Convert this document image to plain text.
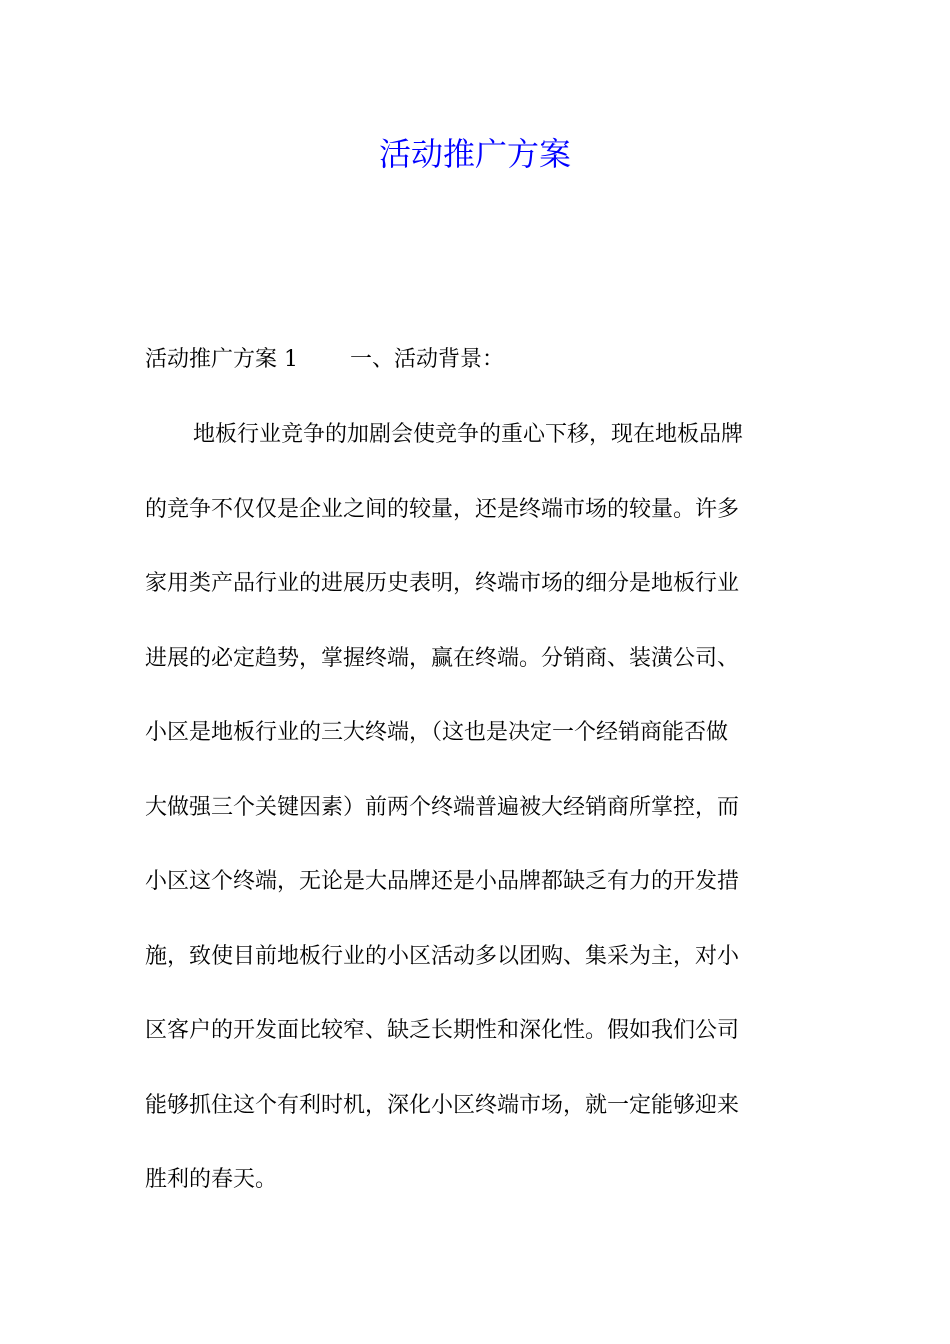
活动推广方案
活动推广方案 1 一、活动背景：
地板行业竞争的加剧会使竞争的重心下移，现在地板品牌
的竞争不仅仅是企业之间的较量，还是终端市场的较量。许多
家用类产品行业的进展历史表明，终端市场的细分是地板行业
进展的必定趋势，掌握终端，赢在终端。分销商、装潢公司、
小区是地板行业的三大终端，（这也是决定一个经销商能否做
大做强三个关键因素）前两个终端普遍被大经销商所掌控，而
小区这个终端，无论是大品牌还是小品牌都缺乏有力的开发措
施，致使目前地板行业的小区活动多以团购、集采为主，对小
区客户的开发面比较窄、缺乏长期性和深化性。假如我们公司
能够抓住这个有利时机，深化小区终端市场，就一定能够迎来
胜利的春天。
